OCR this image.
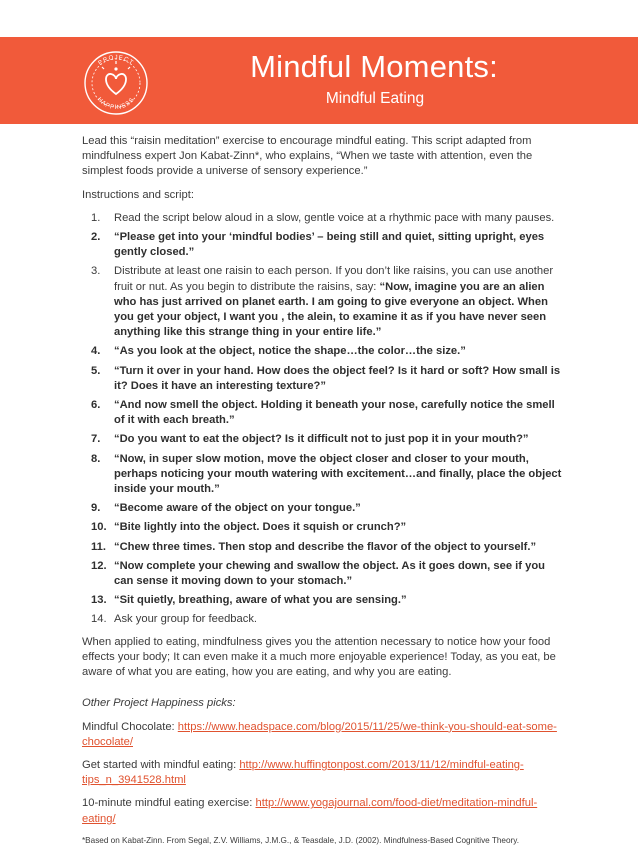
PROJECT
HAPPINESS
Mindful Moments:
Mindful Eating

Lead this “raisin meditation” exercise to encourage mindful eating. This script adapted from mindfulness expert Jon Kabat-Zinn*, who explains, “When we taste with attention, even the simplest foods provide a universe of sensory experience.”

Instructions and script:

1.	Read the script below aloud in a slow, gentle voice at a rhythmic pace with many pauses.
2.	“Please get into your ‘mindful bodies’ – being still and quiet, sitting upright, eyes gently closed.”
3.	Distribute at least one raisin to each person. If you don’t like raisins, you can use another fruit or nut. As you begin to distribute the raisins, say: “Now, imagine you are an alien who has just arrived on planet earth. I am going to give everyone an object. When you get your object, I want you , the alein, to examine it as if you have never seen anything like this strange thing in your entire life.”
4.	“As you look at the object, notice the shape…the color…the size.”
5.	“Turn it over in your hand. How does the object feel? Is it hard or soft? How small is it? Does it have an interesting texture?”
6.	“And now smell the object. Holding it beneath your nose, carefully notice the smell of it with each breath.”
7.	“Do you want to eat the object? Is it difficult not to just pop it in your mouth?”
8.	“Now, in super slow motion, move the object closer and closer to your mouth, perhaps noticing your mouth watering with excitement…and finally, place the object inside your mouth.”
9.	“Become aware of the object on your tongue.”
10. “Bite lightly into the object. Does it squish or crunch?”
11. “Chew three times. Then stop and describe the flavor of the object to yourself.”
12. “Now complete your chewing and swallow the object. As it goes down, see if you can sense it moving down to your stomach.”
13. “Sit quietly, breathing, aware of what you are sensing.”
14. Ask your group for feedback.

When applied to eating, mindfulness gives you the attention necessary to notice how your food effects your body; It can even make it a much more enjoyable experience! Today, as you eat, be aware of what you are eating, how you are eating, and why you are eating.

Other Project Happiness picks:

Mindful Chocolate: https://www.headspace.com/blog/2015/11/25/we-think-you-should-eat-some-chocolate/

Get started with mindful eating: http://www.huffingtonpost.com/2013/11/12/mindful-eating-tips_n_3941528.html

10-minute mindful eating exercise: http://www.yogajournal.com/food-diet/meditation-mindful-eating/

*Based on Kabat-Zinn. From Segal, Z.V. Williams, J.M.G., & Teasdale, J.D. (2002). Mindfulness-Based Cognitive Theory.
